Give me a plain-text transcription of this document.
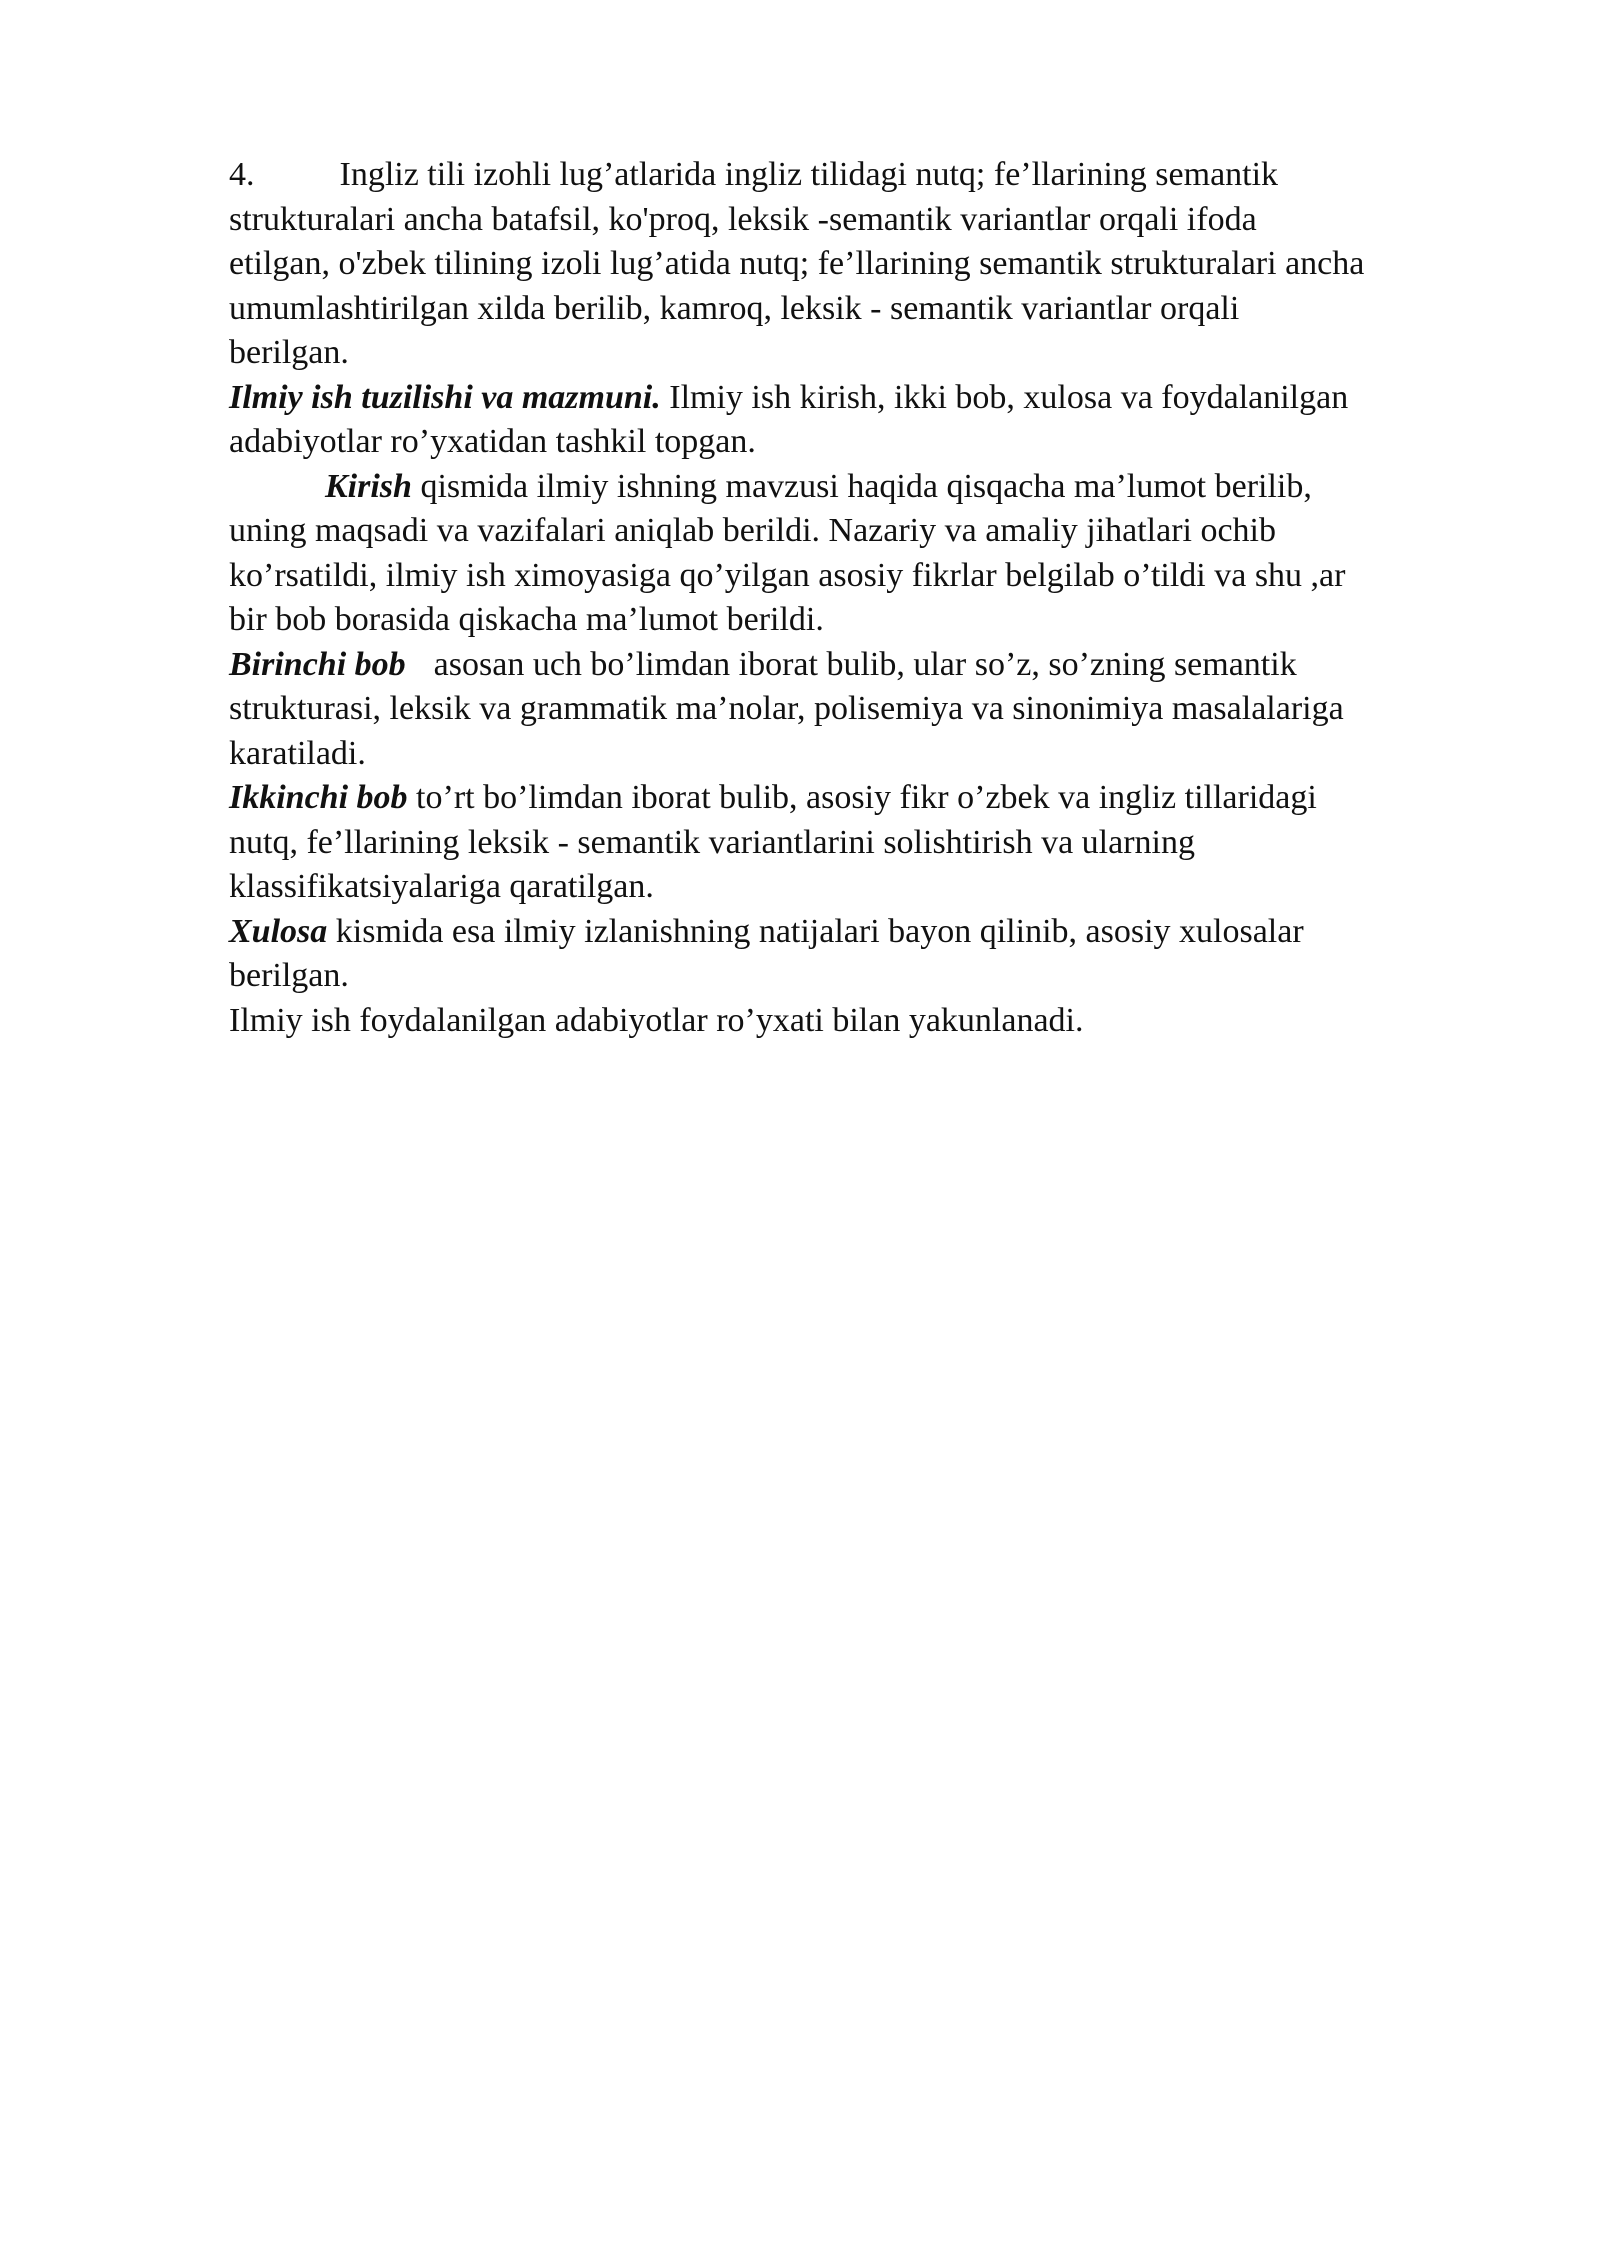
4.	Ingliz tili izohli lug’atlarida ingliz tilidagi nutq; fe’llarining semantik
strukturalari ancha batafsil, ko'proq, leksik -semantik variantlar orqali ifoda
etilgan, o'zbek tilining izoli lug’atida nutq; fe’llarining semantik strukturalari ancha
umumlashtirilgan xilda berilib, kamroq, leksik - semantik variantlar orqali
berilgan.
Ilmiy ish tuzilishi va mazmuni. Ilmiy ish kirish, ikki bob, xulosa va foydalanilgan
adabiyotlar ro’yxatidan tashkil topgan.
Kirish qismida ilmiy ishning mavzusi haqida qisqacha ma’lumot berilib,
uning maqsadi va vazifalari aniqlab berildi. Nazariy va amaliy jihatlari ochib
ko’rsatildi, ilmiy ish ximoyasiga qo’yilgan asosiy fikrlar belgilab o’tildi va shu ,ar
bir bob borasida qiskacha ma’lumot berildi.
Birinchi bob asosan uch bo’limdan iborat bulib, ular so’z, so’zning semantik
strukturasi, leksik va grammatik ma’nolar, polisemiya va sinonimiya masalalariga
karatiladi.
Ikkinchi bob to’rt bo’limdan iborat bulib, asosiy fikr o’zbek va ingliz tillaridagi
nutq, fe’llarining leksik - semantik variantlarini solishtirish va ularning
klassifikatsiyalariga qaratilgan.
Xulosa kismida esa ilmiy izlanishning natijalari bayon qilinib, asosiy xulosalar
berilgan.
Ilmiy ish foydalanilgan adabiyotlar ro’yxati bilan yakunlanadi.
